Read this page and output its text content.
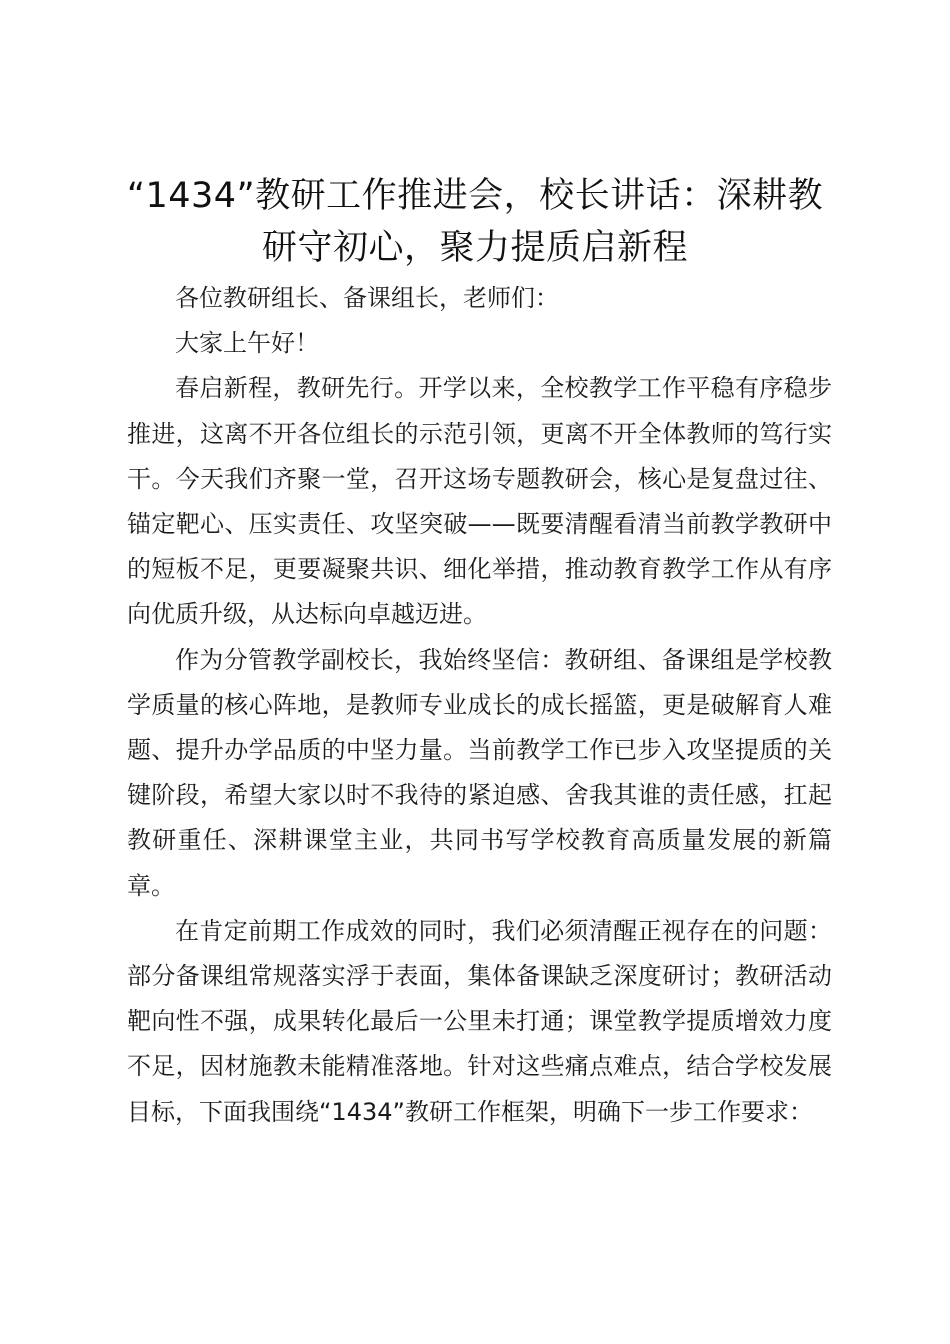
“1434”教研工作推进会，校长讲话：深耕教研守初心，聚力提质启新程

各位教研组长、备课组长，老师们：

大家上午好！

春启新程，教研先行。开学以来，全校教学工作平稳有序稳步推进，这离不开各位组长的示范引领，更离不开全体教师的笃行实干。今天我们齐聚一堂，召开这场专题教研会，核心是复盘过往、锚定靶心、压实责任、攻坚突破——既要清醒看清当前教学教研中的短板不足，更要凝聚共识、细化举措，推动教育教学工作从有序向优质升级，从达标向卓越迈进。

作为分管教学副校长，我始终坚信：教研组、备课组是学校教学质量的核心阵地，是教师专业成长的成长摇篮，更是破解育人难题、提升办学品质的中坚力量。当前教学工作已步入攻坚提质的关键阶段，希望大家以时不我待的紧迫感、舍我其谁的责任感，扛起教研重任、深耕课堂主业，共同书写学校教育高质量发展的新篇章。

在肯定前期工作成效的同时，我们必须清醒正视存在的问题：部分备课组常规落实浮于表面，集体备课缺乏深度研讨；教研活动靶向性不强，成果转化最后一公里未打通；课堂教学提质增效力度不足，因材施教未能精准落地。针对这些痛点难点，结合学校发展目标，下面我围绕“1434”教研工作框架，明确下一步工作要求：
